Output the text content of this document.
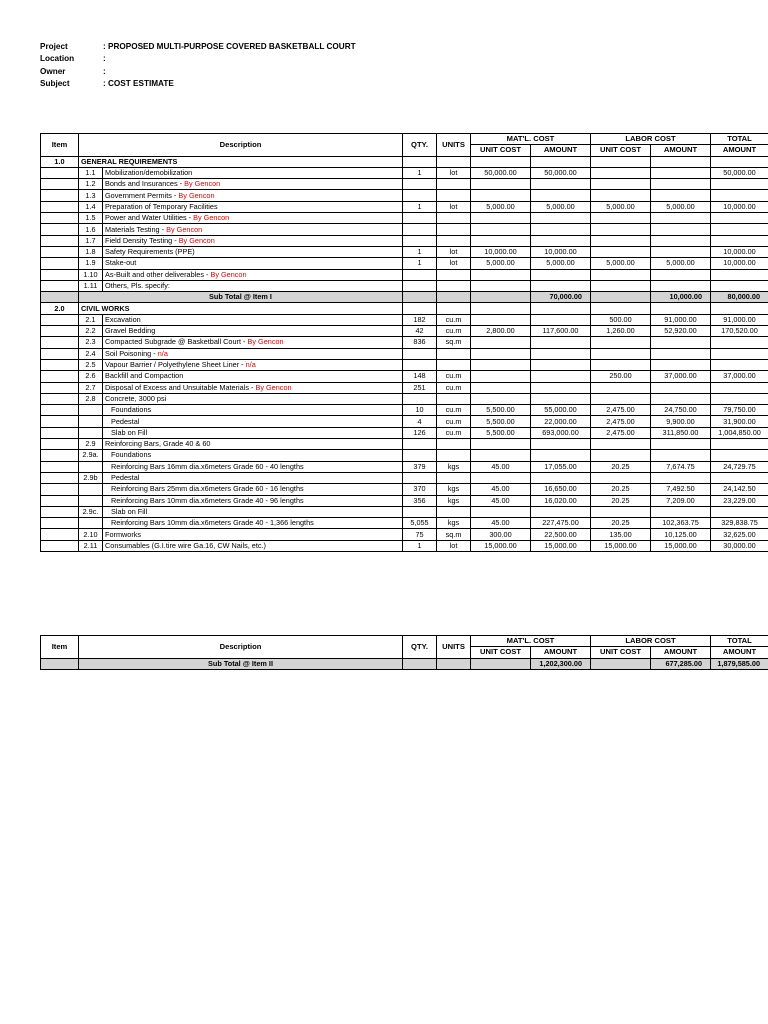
Project	: PROPOSED MULTI-PURPOSE COVERED BASKETBALL COURT
Location	:
Owner	:
Subject	: COST ESTIMATE
Item	Description		QTY.	UNITS	MAT'L. COST		LABOR COST		TOTAL
					UNIT COST	AMOUNT	UNIT COST	AMOUNT	AMOUNT
1.0	GENERAL REQUIREMENTS								
	1.1	Mobilization/demobilization	1	lot	50,000.00	50,000.00			50,000.00
	1.2	Bonds and Insurances - By Gencon							
	1.3	Government Permits - By Gencon							
	1.4	Preparation of Temporary Facilities	1	lot	5,000.00	5,000.00	5,000.00	5,000.00	10,000.00
	1.5	Power and Water Utilities - By Gencon							
	1.6	Materials Testing - By Gencon							
	1.7	Field Density Testing - By Gencon							
	1.8	Safety Requirements (PPE)	1	lot	10,000.00	10,000.00			10,000.00
	1.9	Stake-out	1	lot	5,000.00	5,000.00	5,000.00	5,000.00	10,000.00
	1.10	As-Built and other deliverables - By Gencon							
	1.11	Others, Pls. specify:							
	Sub Total @ Item I					70,000.00		10,000.00	80,000.00
2.0	CIVIL WORKS								
	2.1	Excavation	182	cu.m			500.00	91,000.00	91,000.00
	2.2	Gravel Bedding	42	cu.m	2,800.00	117,600.00	1,260.00	52,920.00	170,520.00
	2.3	Compacted Subgrade @ Basketball Court - By Gencon	836	sq.m					
	2.4	Soil Poisoning - n/a							
	2.5	Vapour Barrier / Polyethylene Sheet Liner - n/a							
	2.6	Backfill and Compaction	148	cu.m			250.00	37,000.00	37,000.00
	2.7	Disposal of Excess and Unsuitable Materials - By Gencon	251	cu.m					
	2.8	Concrete, 3000 psi							
		Foundations	10	cu.m	5,500.00	55,000.00	2,475.00	24,750.00	79,750.00
		Pedestal	4	cu.m	5,500.00	22,000.00	2,475.00	9,900.00	31,900.00
		Slab on Fill	126	cu.m	5,500.00	693,000.00	2,475.00	311,850.00	1,004,850.00
	2.9	Reinforcing Bars, Grade 40 & 60							
	2.9a.	Foundations							
		Reinforcing Bars 16mm dia.x6meters Grade 60 - 40 lengths	379	kgs	45.00	17,055.00	20.25	7,674.75	24,729.75
	2.9b	Pedestal							
		Reinforcing Bars 25mm dia.x6meters Grade 60 - 16 lengths	370	kgs	45.00	16,650.00	20.25	7,492.50	24,142.50
		Reinforcing Bars 10mm dia.x6meters Grade 40 - 96 lengths	356	kgs	45.00	16,020.00	20.25	7,209.00	23,229.00
	2.9c.	Slab on Fill							
		Reinforcing Bars 10mm dia.x6meters Grade 40 - 1,366 lengths	5,055	kgs	45.00	227,475.00	20.25	102,363.75	329,838.75
	2.10	Formworks	75	sq.m	300.00	22,500.00	135.00	10,125.00	32,625.00
	2.11	Consumables (G.I.tire wire Ga.16, CW Nails, etc.)	1	lot	15,000.00	15,000.00	15,000.00	15,000.00	30,000.00
Item	Description	QTY.	UNITS	MAT'L. COST		LABOR COST		TOTAL
				UNIT COST	AMOUNT	UNIT COST	AMOUNT	AMOUNT
	Sub Total @ Item II				1,202,300.00		677,285.00	1,879,585.00
